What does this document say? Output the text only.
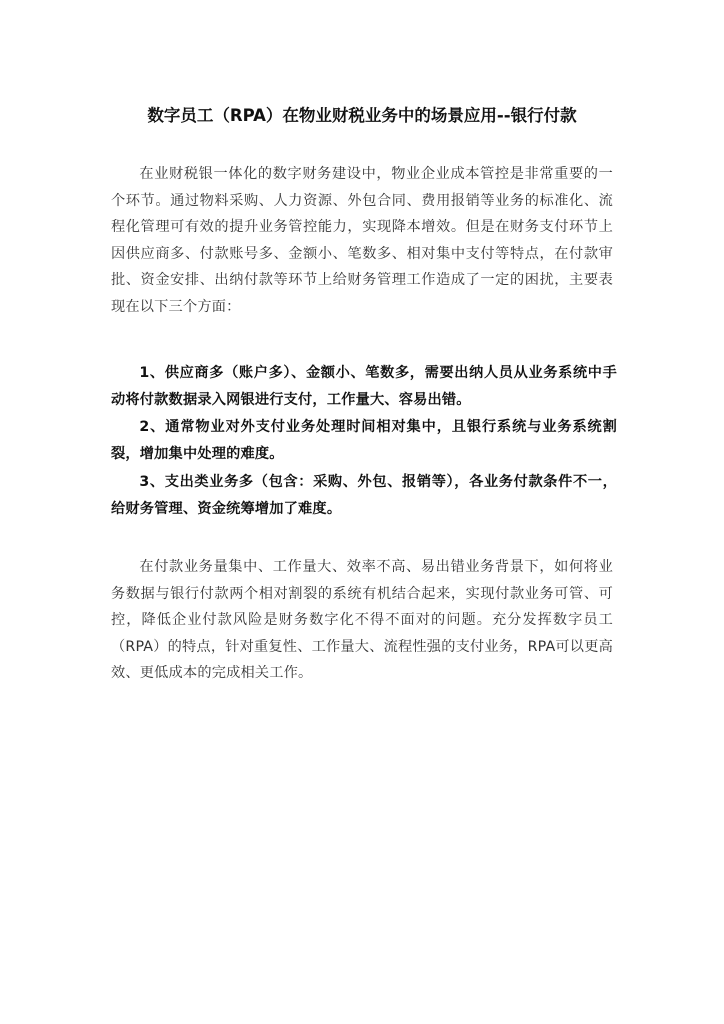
数字员工（RPA）在物业财税业务中的场景应用--银行付款

在业财税银一体化的数字财务建设中，物业企业成本管控是非常重要的一个环节。通过物料采购、人力资源、外包合同、费用报销等业务的标准化、流程化管理可有效的提升业务管控能力，实现降本增效。但是在财务支付环节上因供应商多、付款账号多、金额小、笔数多、相对集中支付等特点，在付款审批、资金安排、出纳付款等环节上给财务管理工作造成了一定的困扰，主要表现在以下三个方面：

1、供应商多（账户多）、金额小、笔数多，需要出纳人员从业务系统中手动将付款数据录入网银进行支付，工作量大、容易出错。

2、通常物业对外支付业务处理时间相对集中，且银行系统与业务系统割裂，增加集中处理的难度。

3、支出类业务多（包含：采购、外包、报销等），各业务付款条件不一，给财务管理、资金统筹增加了难度。

在付款业务量集中、工作量大、效率不高、易出错业务背景下，如何将业务数据与银行付款两个相对割裂的系统有机结合起来，实现付款业务可管、可控，降低企业付款风险是财务数字化不得不面对的问题。充分发挥数字员工（RPA）的特点，针对重复性、工作量大、流程性强的支付业务，RPA可以更高效、更低成本的完成相关工作。
